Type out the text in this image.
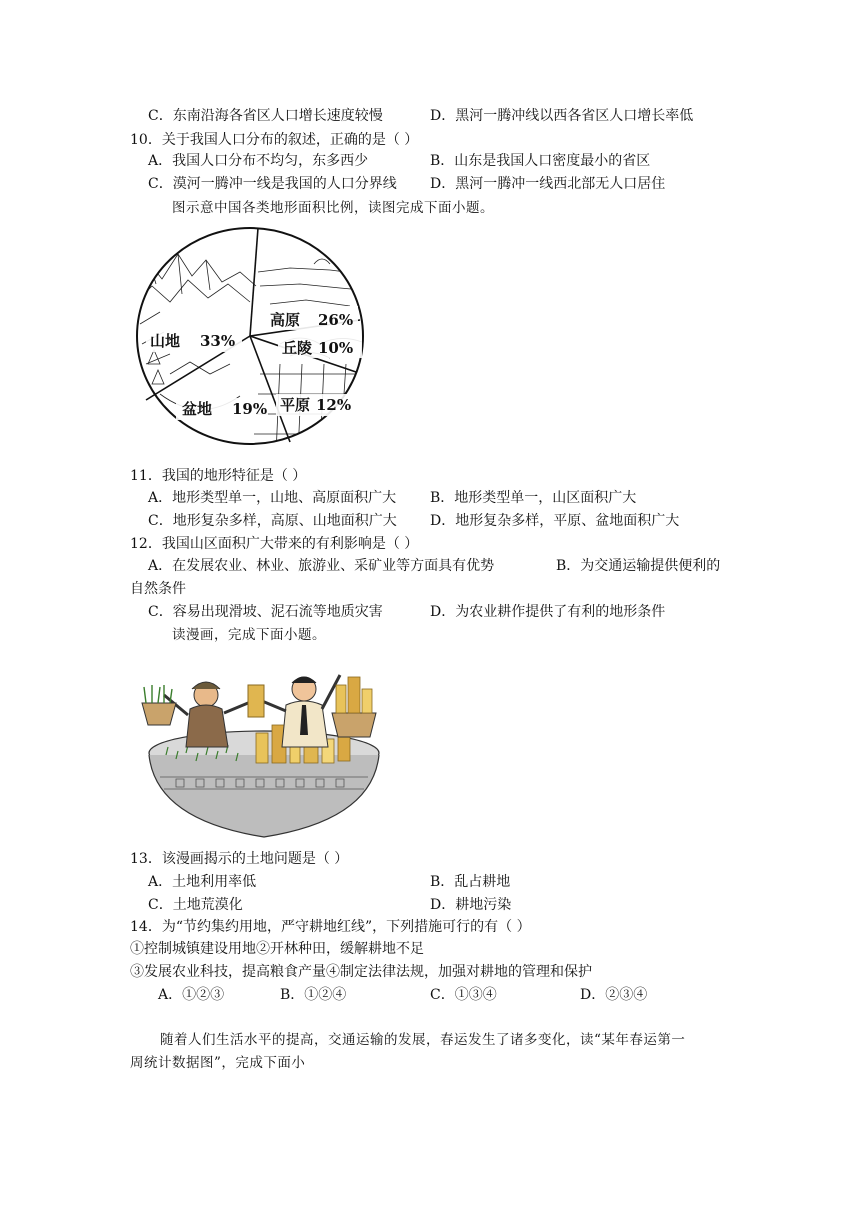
C．东南沿海各省区人口增长速度较慢	D．黑河一腾冲线以西各省区人口增长率低
10．关于我国人口分布的叙述，正确的是（ ）
A．我国人口分布不均匀，东多西少	B．山东是我国人口密度最小的省区
C．漠河一腾冲一线是我国的人口分界线 D．黑河一腾冲一线西北部无人口居住
图示意中国各类地形面积比例，读图完成下面小题。
高原 26%
山地 33%	丘陵 10%
平原 12%
盆地 19%
11．我国的地形特征是（ ）
A．地形类型单一，山地、高原面积广大 B．地形类型单一，山区面积广大
C．地形复杂多样，高原、山地面积广大 D．地形复杂多样，平原、盆地面积广大
12．我国山区面积广大带来的有利影响是（ ）
A．在发展农业、林业、旅游业、采矿业等方面具有优势	B．为交通运输提供便利的
自然条件
C．容易出现滑坡、泥石流等地质灾害	D．为农业耕作提供了有利的地形条件
读漫画，完成下面小题。
13．该漫画揭示的土地问题是（ ）
A．土地利用率低	B．乱占耕地
C．土地荒漠化	D．耕地污染
14．为“节约集约用地，严守耕地红线”，下列措施可行的有（ ）
①控制城镇建设用地②开林种田，缓解耕地不足
③发展农业科技，提高粮食产量④制定法律法规，加强对耕地的管理和保护
A．①②③	B．①②④	C．①③④	D．②③④
随着人们生活水平的提高，交通运输的发展，春运发生了诸多变化，读“某年春运第一
周统计数据图”，完成下面小
